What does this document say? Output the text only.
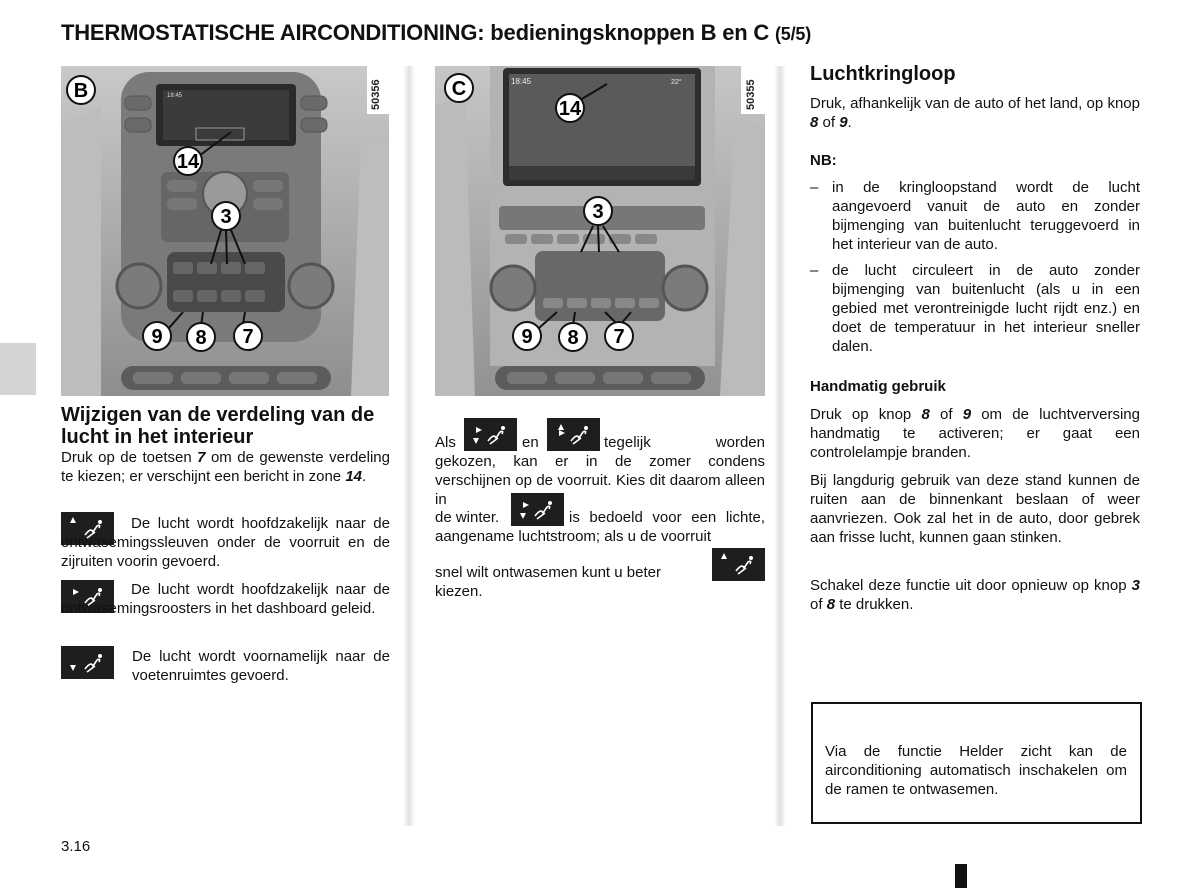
THERMOSTATISCHE AIRCONDITIONING: bedieningsknoppen B en C (5/5)
18:45
B
14
3
9 8 7
50356	18:45	22°
C
14
3
9 8 7
50355
Wijzigen van de verdeling van de lucht in het interieur
Druk op de toetsen 7 om de gewenste verdeling te kiezen; er verschijnt een bericht in zone 14.
De lucht wordt hoofdzakelijk naar de ontwasemingssleuven onder de voorruit en de zijruiten voorin gevoerd.
De lucht wordt hoofdzakelijk naar de ontwasemingsroosters in het dashboard geleid.
De lucht wordt voornamelijk naar de voetenruimtes gevoerd.
Als	en	tegelijk worden gekozen, kan er in de zomer condens verschijnen op de voorruit. Kies dit daarom alleen in
de winter.	is bedoeld voor een lichte, aangename luchtstroom; als u de voorruit
snel wilt ontwasemen kunt u beter
kiezen.
Luchtkringloop
Druk, afhankelijk van de auto of het land, op knop 8 of 9.
NB:
– in de kringloopstand wordt de lucht aangevoerd vanuit de auto en zonder bijmenging van buitenlucht teruggevoerd in het interieur van de auto.
– de lucht circuleert in de auto zonder bijmenging van buitenlucht (als u in een gebied met verontreinigde lucht rijdt enz.) en doet de temperatuur in het interieur sneller dalen.
Handmatig gebruik
Druk op knop 8 of 9 om de luchtverversing handmatig te activeren; er gaat een controlelampje branden.
Bij langdurig gebruik van deze stand kunnen de ruiten aan de binnenkant beslaan of weer aanvriezen. Ook zal het in de auto, door gebrek aan frisse lucht, kunnen gaan stinken.
Schakel deze functie uit door opnieuw op knop 3 of 8 te drukken.

Via de functie Helder zicht kan de airconditioning automatisch inschakelen om de ramen te ontwasemen.

3.16
